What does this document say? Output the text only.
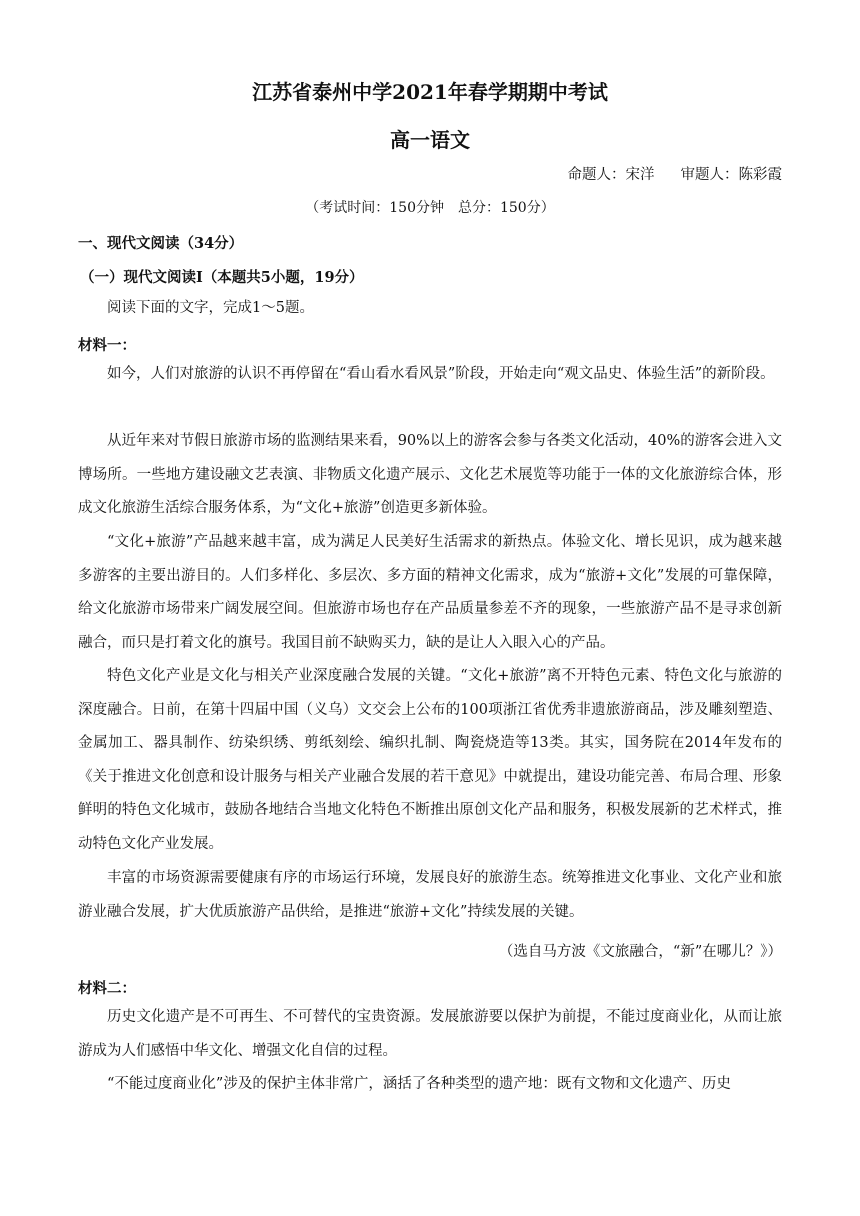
江苏省泰州中学2021年春学期期中考试
高一语文
命题人：宋洋 审题人：陈彩霞
（考试时间：150分钟　总分：150分）
一、现代文阅读（34分）
（一）现代文阅读Ⅰ（本题共5小题，19分）

阅读下面的文字，完成1～5题。

材料一：

如今，人们对旅游的认识不再停留在“看山看水看风景”阶段，开始走向“观文品史、体验生活”的新阶段。

从近年来对节假日旅游市场的监测结果来看，90%以上的游客会参与各类文化活动，40%的游客会进入文博场所。一些地方建设融文艺表演、非物质文化遗产展示、文化艺术展览等功能于一体的文化旅游综合体，形成文化旅游生活综合服务体系，为“文化+旅游”创造更多新体验。

“文化+旅游”产品越来越丰富，成为满足人民美好生活需求的新热点。体验文化、增长见识，成为越来越多游客的主要出游目的。人们多样化、多层次、多方面的精神文化需求，成为“旅游+文化”发展的可靠保障，给文化旅游市场带来广阔发展空间。但旅游市场也存在产品质量参差不齐的现象，一些旅游产品不是寻求创新融合，而只是打着文化的旗号。我国目前不缺购买力，缺的是让人入眼入心的产品。

特色文化产业是文化与相关产业深度融合发展的关键。“文化+旅游”离不开特色元素、特色文化与旅游的深度融合。日前，在第十四届中国（义乌）文交会上公布的100项浙江省优秀非遗旅游商品，涉及雕刻塑造、金属加工、器具制作、纺染织绣、剪纸刻绘、编织扎制、陶瓷烧造等13类。其实，国务院在2014年发布的《关于推进文化创意和设计服务与相关产业融合发展的若干意见》中就提出，建设功能完善、布局合理、形象鲜明的特色文化城市，鼓励各地结合当地文化特色不断推出原创文化产品和服务，积极发展新的艺术样式，推动特色文化产业发展。

丰富的市场资源需要健康有序的市场运行环境，发展良好的旅游生态。统筹推进文化事业、文化产业和旅游业融合发展，扩大优质旅游产品供给，是推进“旅游+文化”持续发展的关键。

（选自马方波《文旅融合，“新”在哪儿？》）
材料二：

历史文化遗产是不可再生、不可替代的宝贵资源。发展旅游要以保护为前提，不能过度商业化，从而让旅游成为人们感悟中华文化、增强文化自信的过程。

“不能过度商业化”涉及的保护主体非常广，涵括了各种类型的遗产地：既有文物和文化遗产、历史
